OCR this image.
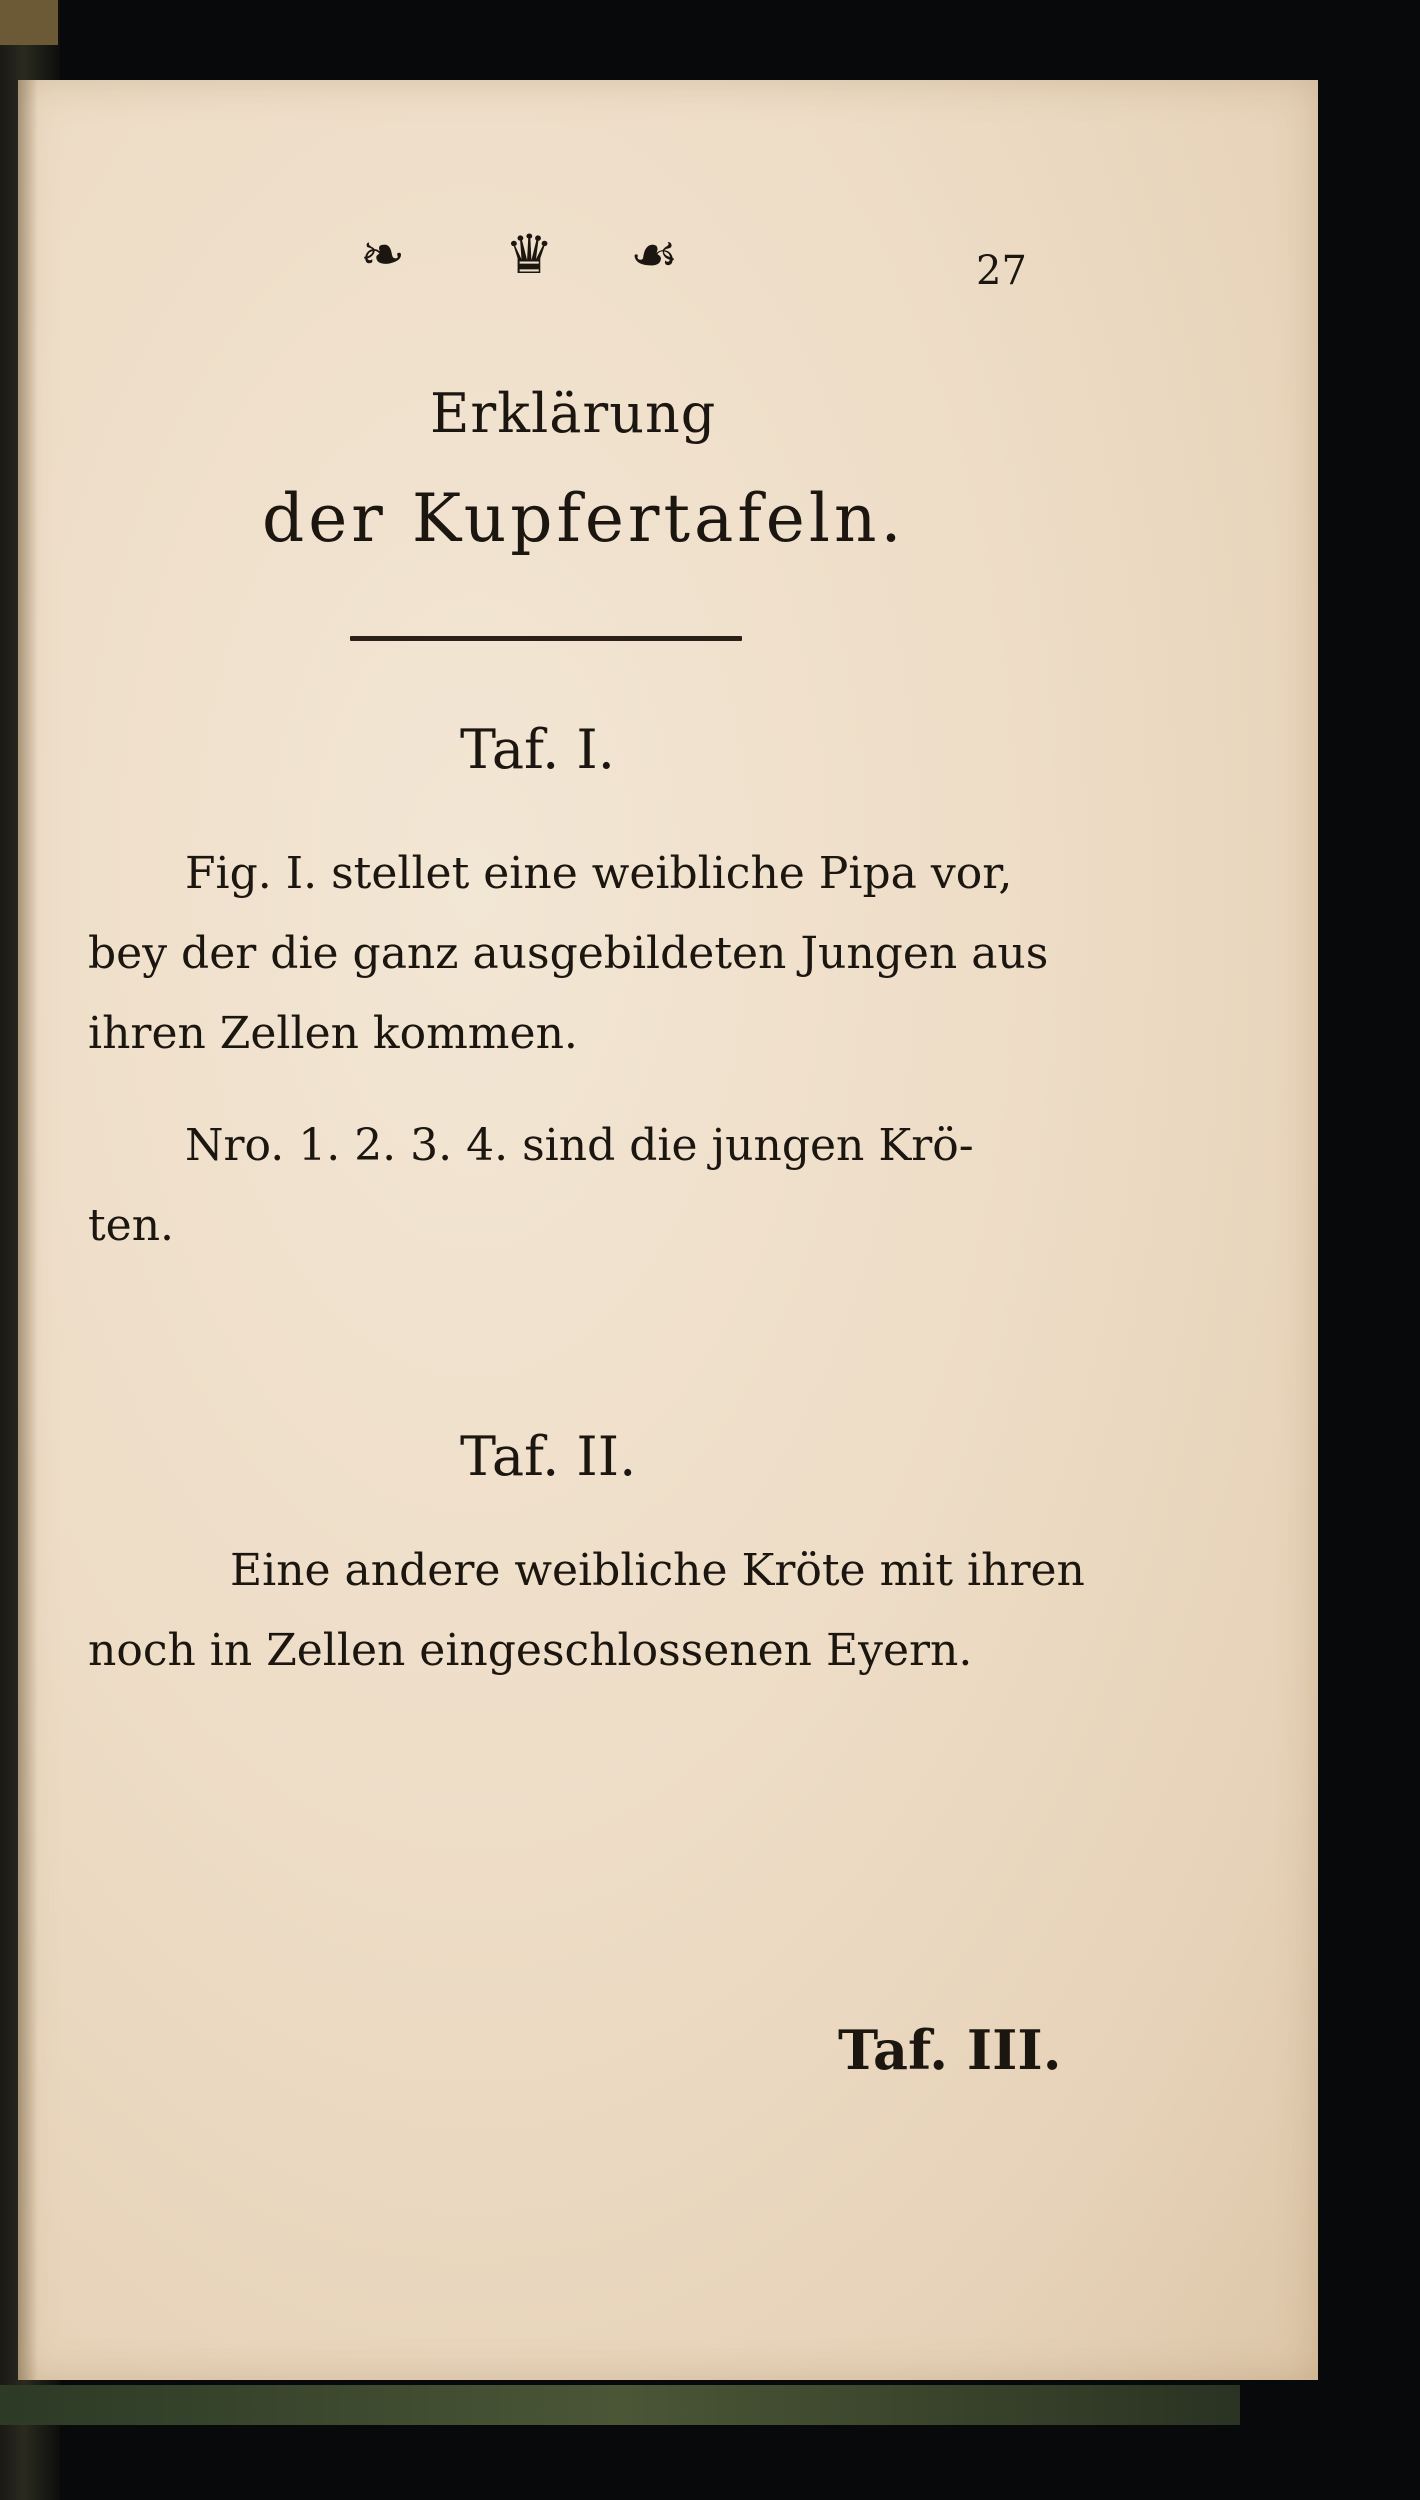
❧ ♛ ☙	27

Erklärung

der Kupfertafeln.

Taf. I.

Fig. I. stellet eine weibliche Pipa vor,

bey der die ganz ausgebildeten Jungen aus

ihren Zellen kommen.

Nro. 1. 2. 3. 4. sind die jungen Krö-

ten.

Taf. II.

Eine andere weibliche Kröte mit ihren

noch in Zellen eingeschlossenen Eyern.

Taf. III.
